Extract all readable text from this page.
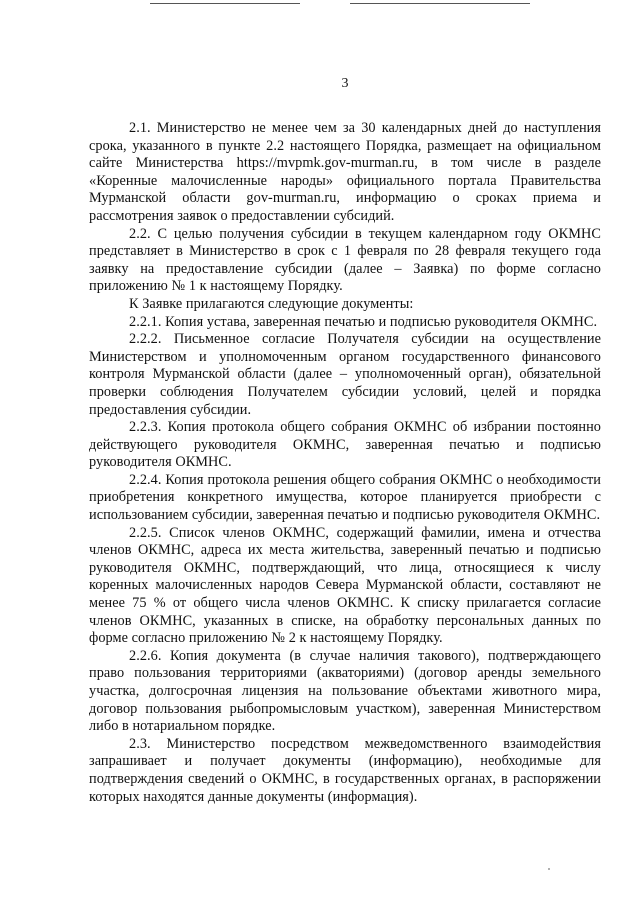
3

2.1. Министерство не менее чем за 30 календарных дней до наступления срока, указанного в пункте 2.2 настоящего Порядка, размещает на официальном сайте Министерства https://mvpmk.gov-murman.ru, в том числе в разделе «Коренные малочисленные народы» официального портала Правительства Мурманской области gov-murman.ru, информацию о сроках приема и рассмотрения заявок о предоставлении субсидий.

2.2. С целью получения субсидии в текущем календарном году ОКМНС представляет в Министерство в срок с 1 февраля по 28 февраля текущего года заявку на предоставление субсидии (далее – Заявка) по форме согласно приложению № 1 к настоящему Порядку.

К Заявке прилагаются следующие документы:

2.2.1. Копия устава, заверенная печатью и подписью руководителя ОКМНС.

2.2.2. Письменное согласие Получателя субсидии на осуществление Министерством и уполномоченным органом государственного финансового контроля Мурманской области (далее – уполномоченный орган), обязательной проверки соблюдения Получателем субсидии условий, целей и порядка предоставления субсидии.

2.2.3. Копия протокола общего собрания ОКМНС об избрании постоянно действующего руководителя ОКМНС, заверенная печатью и подписью руководителя ОКМНС.

2.2.4. Копия протокола решения общего собрания ОКМНС о необходимости приобретения конкретного имущества, которое планируется приобрести с использованием субсидии, заверенная печатью и подписью руководителя ОКМНС.

2.2.5. Список членов ОКМНС, содержащий фамилии, имена и отчества членов ОКМНС, адреса их места жительства, заверенный печатью и подписью руководителя ОКМНС, подтверждающий, что лица, относящиеся к числу коренных малочисленных народов Севера Мурманской области, составляют не менее 75 % от общего числа членов ОКМНС. К списку прилагается согласие членов ОКМНС, указанных в списке, на обработку персональных данных по форме согласно приложению № 2 к настоящему Порядку.

2.2.6. Копия документа (в случае наличия такового), подтверждающего право пользования территориями (акваториями) (договор аренды земельного участка, долгосрочная лицензия на пользование объектами животного мира, договор пользования рыбопромысловым участком), заверенная Министерством либо в нотариальном порядке.

2.3. Министерство посредством межведомственного взаимодействия запрашивает и получает документы (информацию), необходимые для подтверждения сведений о ОКМНС, в государственных органах, в распоряжении которых находятся данные документы (информация).
